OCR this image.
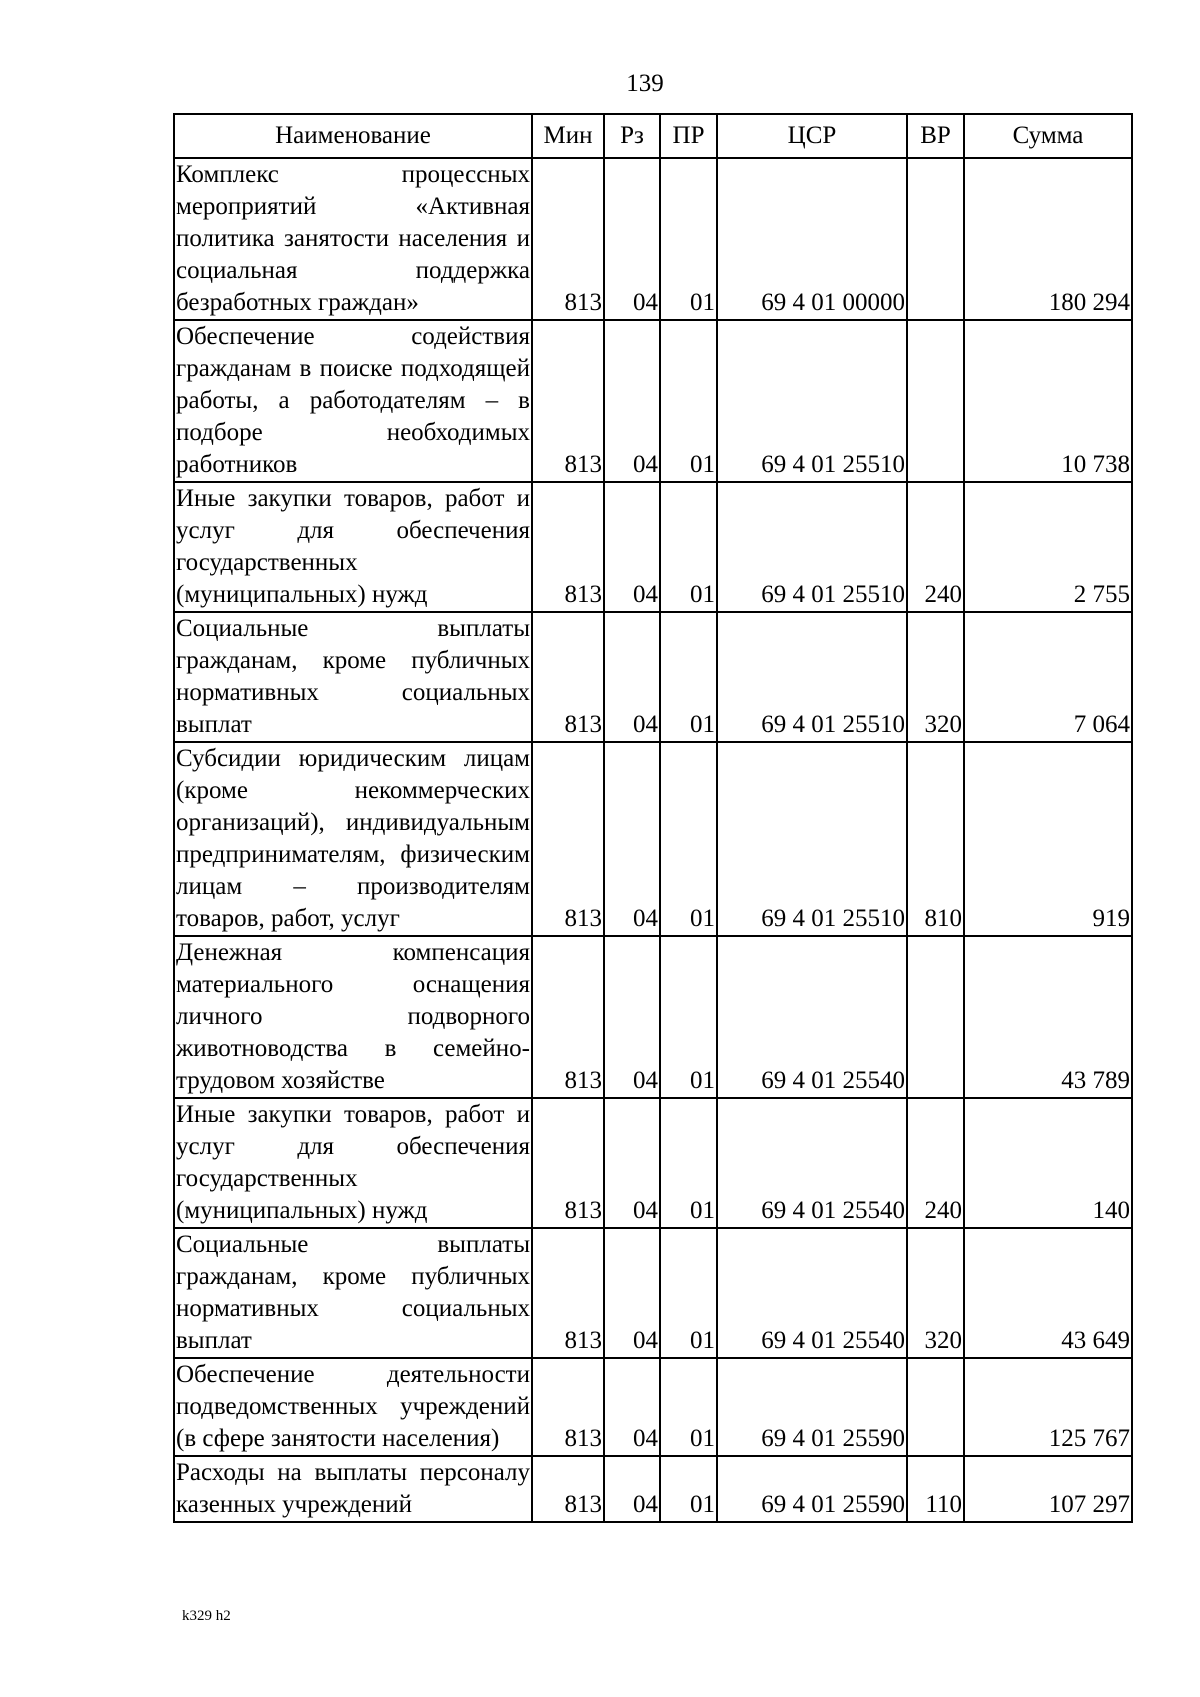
139
Наименование	Мин	Рз	ПР	ЦСР	ВР	Сумма
Комплекс процессных мероприятий «Активная политика занятости населения и социальная поддержка безработных граждан»	813	04	01	69 4 01 00000		180 294
Обеспечение содействия гражданам в поиске подходящей работы, а работодателям – в подборе необходимых работников	813	04	01	69 4 01 25510		10 738
Иные закупки товаров, работ и услуг для обеспечения государственных (муниципальных) нужд	813	04	01	69 4 01 25510	240	2 755
Социальные выплаты гражданам, кроме публичных нормативных социальных выплат	813	04	01	69 4 01 25510	320	7 064
Субсидии юридическим лицам (кроме некоммерческих организаций), индивидуальным предпринимателям, физическим лицам – производителям товаров, работ, услуг	813	04	01	69 4 01 25510	810	919
Денежная компенсация материального оснащения личного подворного животноводства в семейно-трудовом хозяйстве	813	04	01	69 4 01 25540		43 789
Иные закупки товаров, работ и услуг для обеспечения государственных (муниципальных) нужд	813	04	01	69 4 01 25540	240	140
Социальные выплаты гражданам, кроме публичных нормативных социальных выплат	813	04	01	69 4 01 25540	320	43 649
Обеспечение деятельности подведомственных учреждений (в сфере занятости населения)	813	04	01	69 4 01 25590		125 767
Расходы на выплаты персоналу казенных учреждений	813	04	01	69 4 01 25590	110	107 297
k329 h2
